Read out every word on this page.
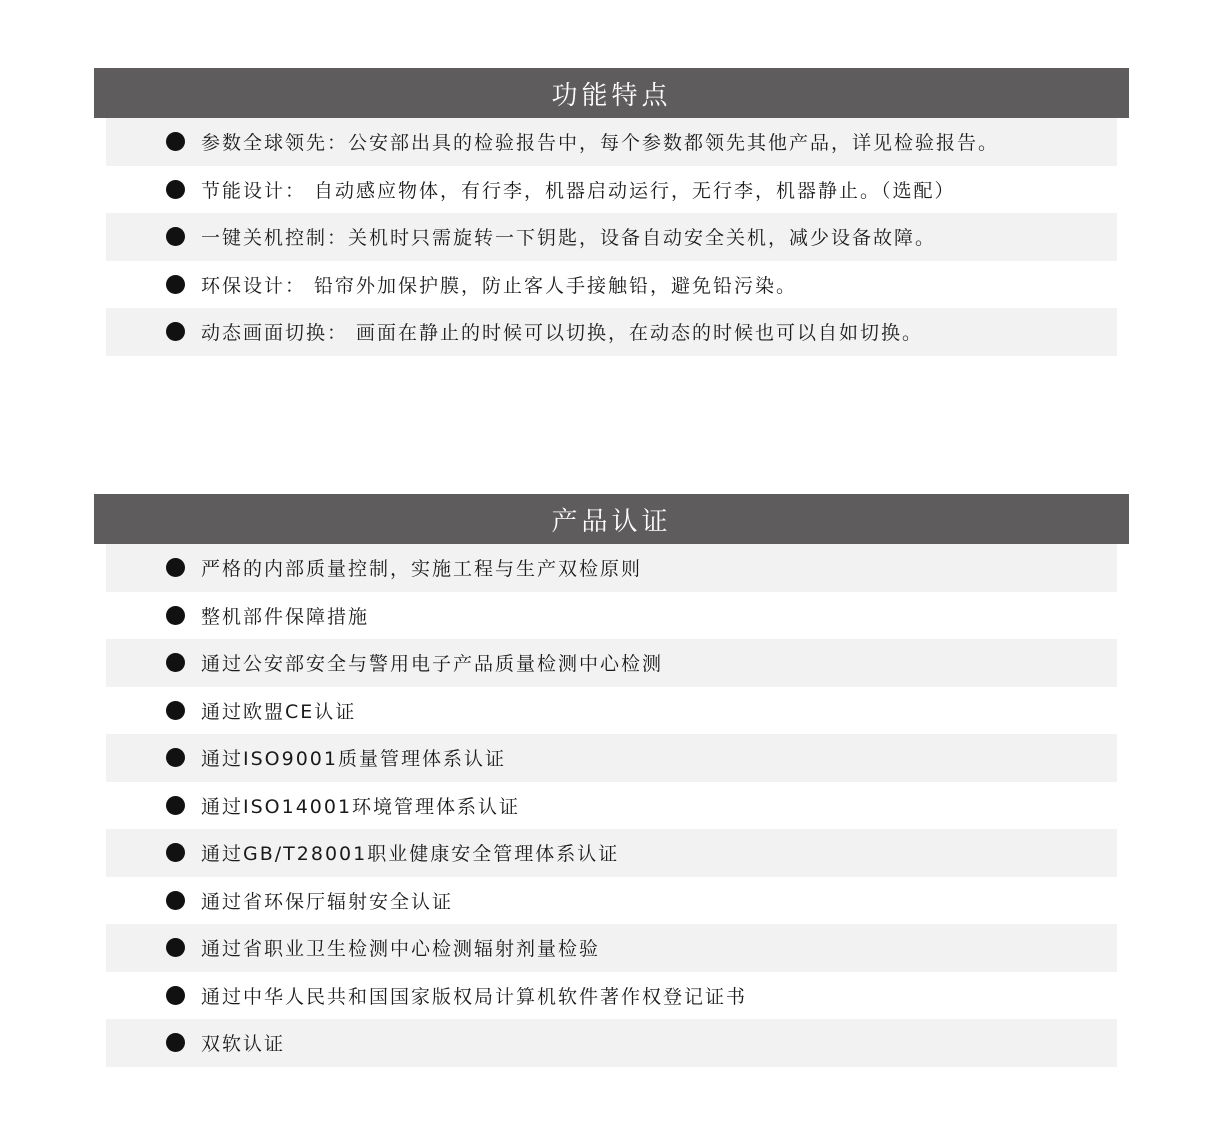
功能特点
参数全球领先：公安部出具的检验报告中，每个参数都领先其他产品，详见检验报告。
节能设计： 自动感应物体，有行李，机器启动运行，无行李，机器静止。（选配）
一键关机控制：关机时只需旋转一下钥匙，设备自动安全关机，减少设备故障。
环保设计： 铅帘外加保护膜，防止客人手接触铅，避免铅污染。
动态画面切换： 画面在静止的时候可以切换，在动态的时候也可以自如切换。
产品认证
严格的内部质量控制，实施工程与生产双检原则
整机部件保障措施
通过公安部安全与警用电子产品质量检测中心检测
通过欧盟CE认证
通过ISO9001质量管理体系认证
通过ISO14001环境管理体系认证
通过GB/T28001职业健康安全管理体系认证
通过省环保厅辐射安全认证
通过省职业卫生检测中心检测辐射剂量检验
通过中华人民共和国国家版权局计算机软件著作权登记证书
双软认证
